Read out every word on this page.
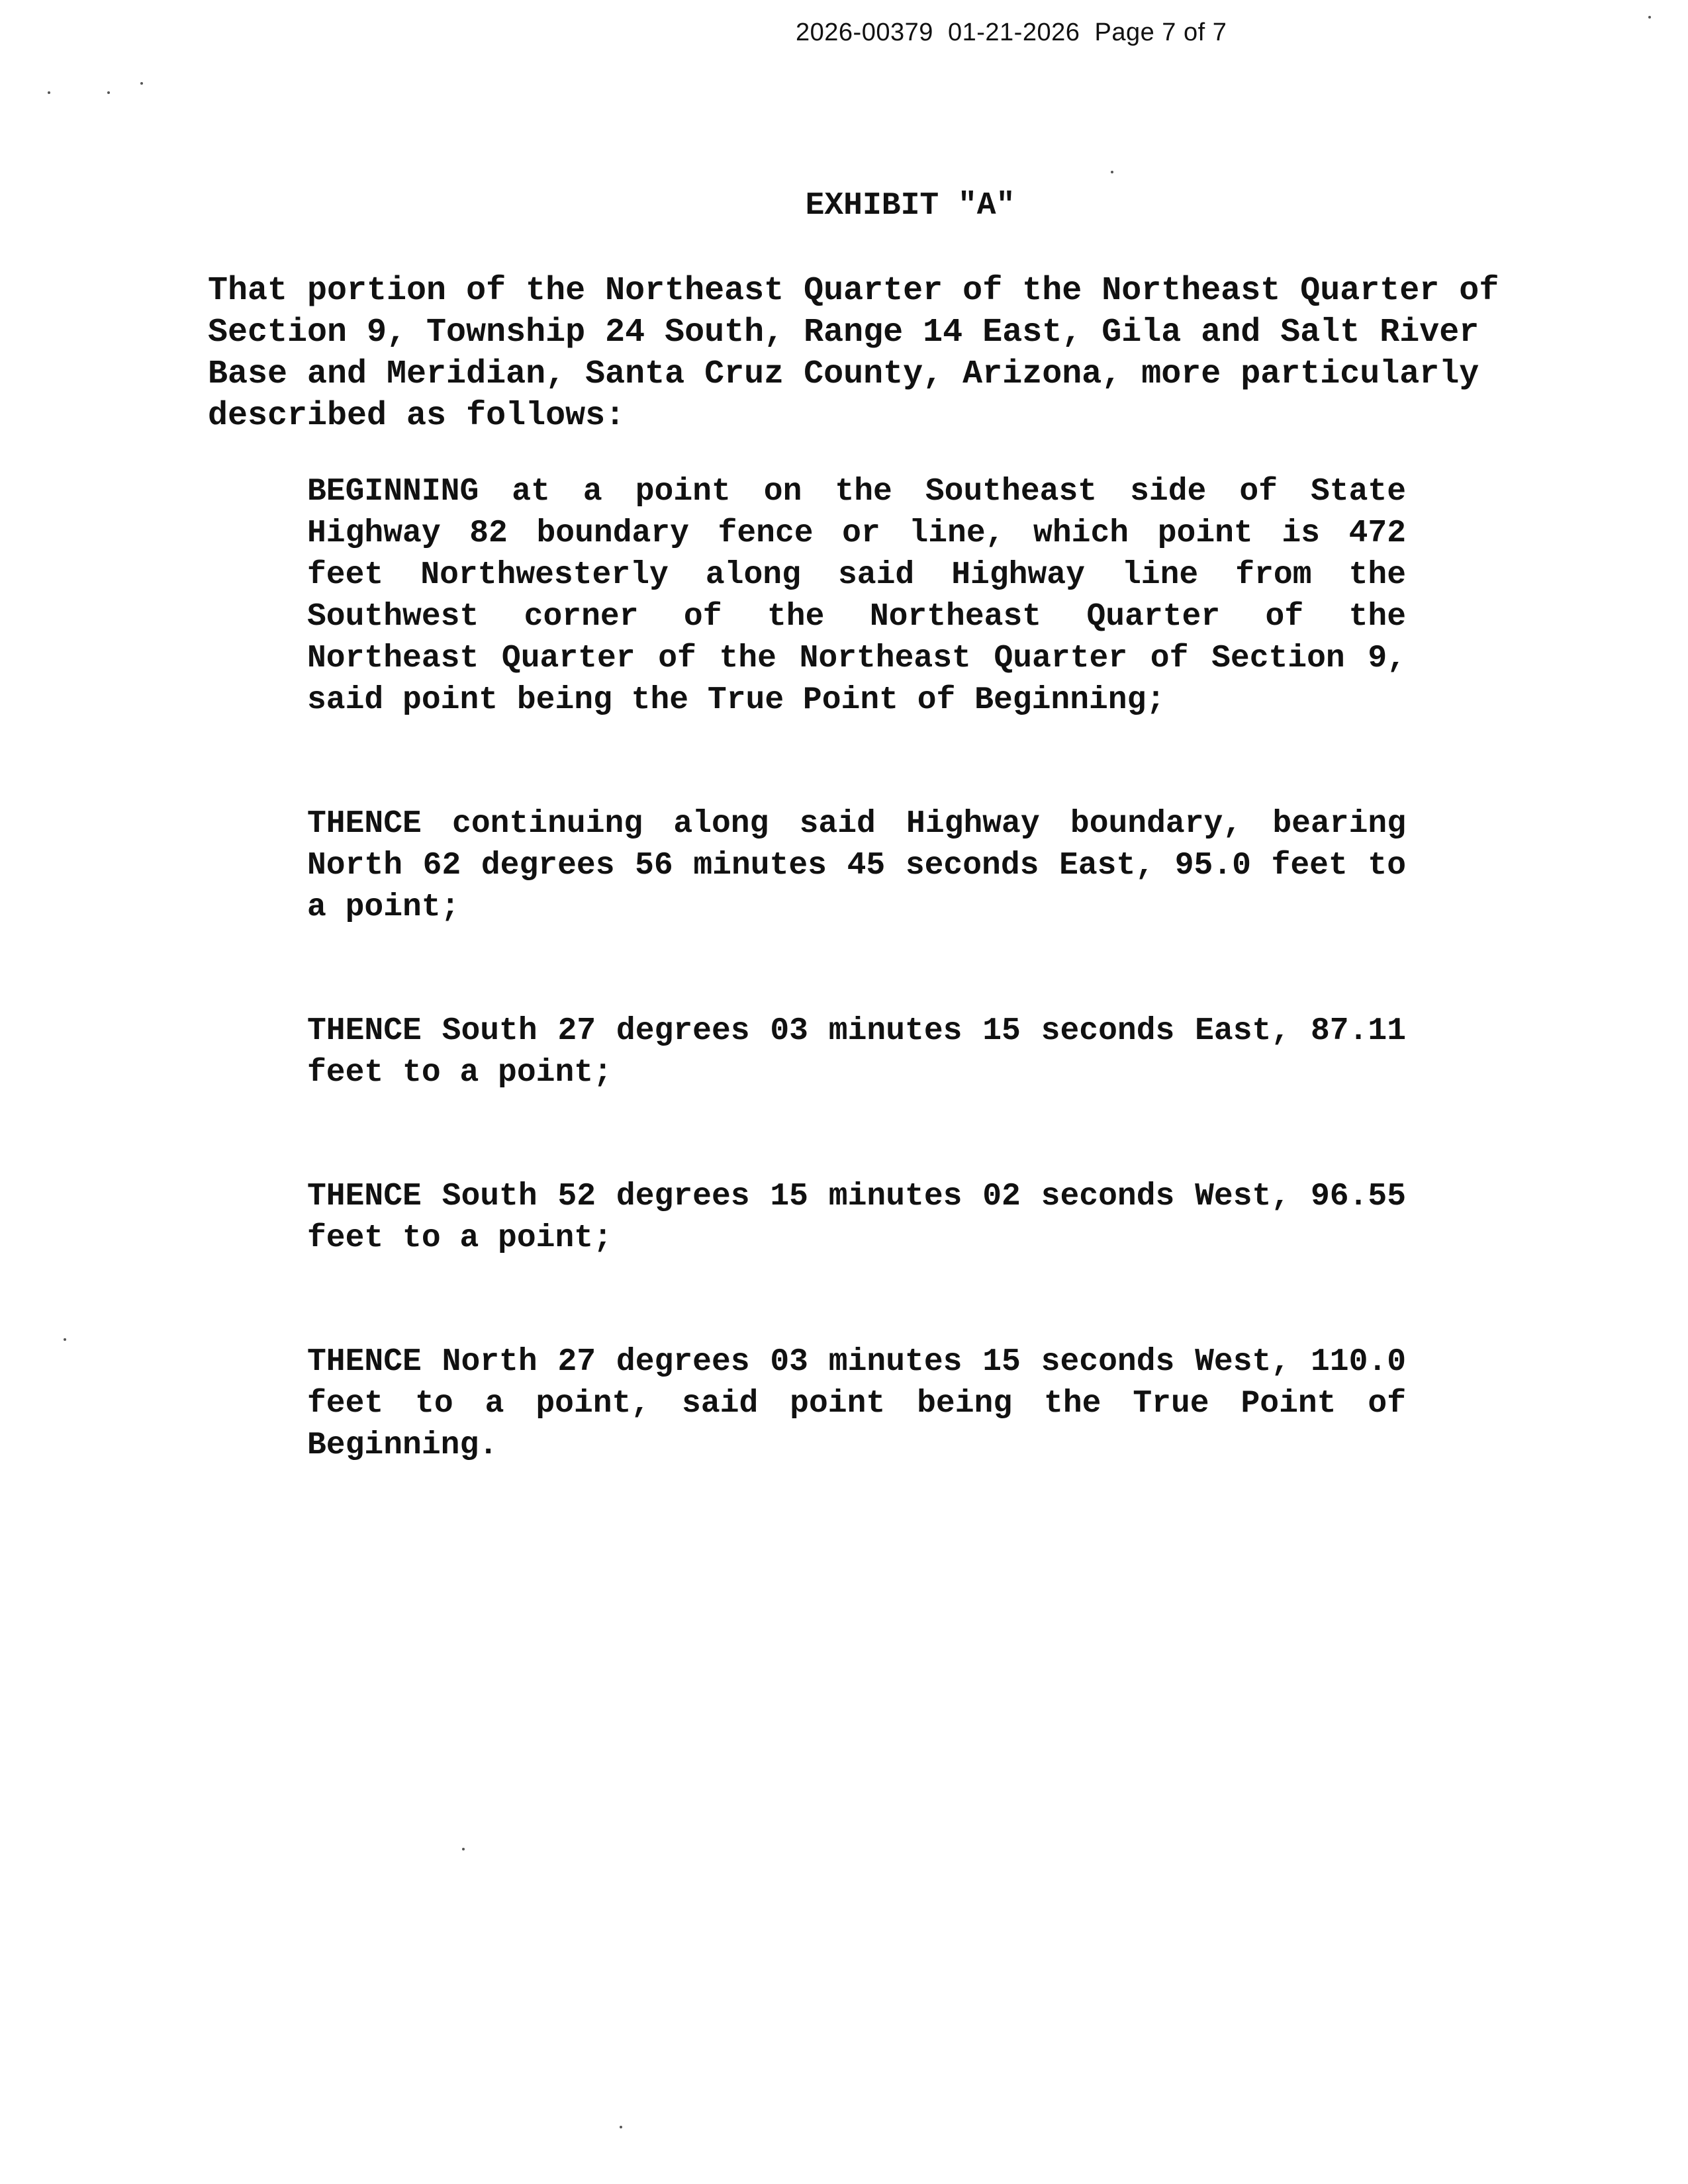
2026-00379  01-21-2026  Page 7 of 7
EXHIBIT "A"

That portion of the Northeast Quarter of the Northeast Quarter of Section 9, Township 24 South, Range 14 East, Gila and Salt River Base and Meridian, Santa Cruz County, Arizona, more particularly described as follows:

BEGINNING at a point on the Southeast side of State Highway 82 boundary fence or line, which point is 472 feet Northwesterly along said Highway line from the Southwest corner of the Northeast Quarter of the Northeast Quarter of the Northeast Quarter of Section 9, said point being the True Point of Beginning;

THENCE continuing along said Highway boundary, bearing North 62 degrees 56 minutes 45 seconds East, 95.0 feet to a point;

THENCE South 27 degrees 03 minutes 15 seconds East, 87.11 feet to a point;

THENCE South 52 degrees 15 minutes 02 seconds West, 96.55 feet to a point;

THENCE North 27 degrees 03 minutes 15 seconds West, 110.0 feet to a point, said point being the True Point of Beginning.
